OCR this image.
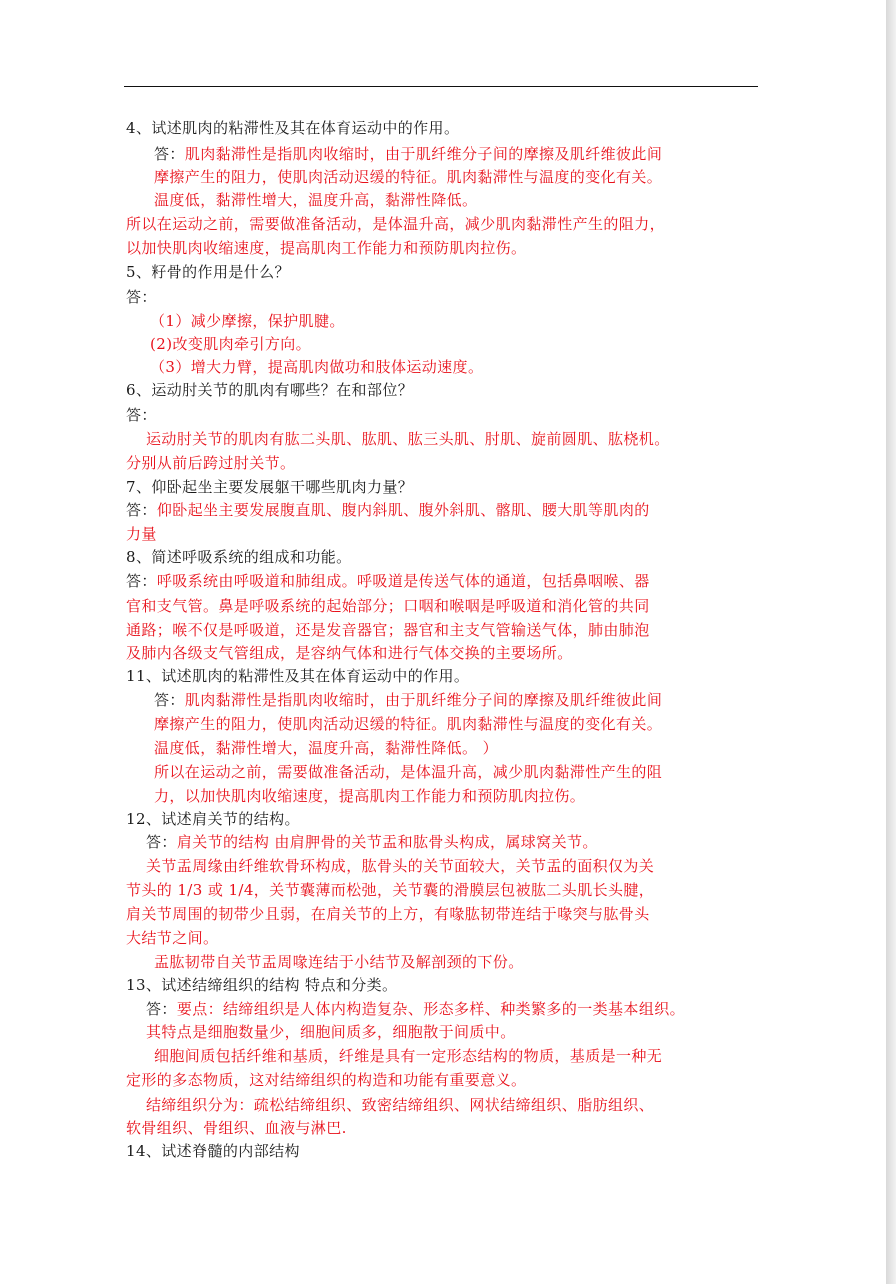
4、试述肌肉的粘滞性及其在体育运动中的作用。
答：肌肉黏滞性是指肌肉收缩时，由于肌纤维分子间的摩擦及肌纤维彼此间
摩擦产生的阻力，使肌肉活动迟缓的特征。肌肉黏滞性与温度的变化有关。
温度低，黏滞性增大，温度升高，黏滞性降低。
所以在运动之前，需要做准备活动，是体温升高，减少肌肉黏滞性产生的阻力，
以加快肌肉收缩速度，提高肌肉工作能力和预防肌肉拉伤。
5、籽骨的作用是什么？
答：
（1）减少摩擦，保护肌腱。
(2)改变肌肉牵引方向。
（3）增大力臂，提高肌肉做功和肢体运动速度。
6、运动肘关节的肌肉有哪些？在和部位？
答：
运动肘关节的肌肉有肱二头肌、肱肌、肱三头肌、肘肌、旋前圆肌、肱桡机。
分别从前后跨过肘关节。
7、仰卧起坐主要发展躯干哪些肌肉力量？
答：仰卧起坐主要发展腹直肌、腹内斜肌、腹外斜肌、髂肌、腰大肌等肌肉的
力量
8、简述呼吸系统的组成和功能。
答：呼吸系统由呼吸道和肺组成。呼吸道是传送气体的通道，包括鼻咽喉、器
官和支气管。鼻是呼吸系统的起始部分；口咽和喉咽是呼吸道和消化管的共同
通路；喉不仅是呼吸道，还是发音器官；器官和主支气管输送气体，肺由肺泡
及肺内各级支气管组成，是容纳气体和进行气体交换的主要场所。
11、试述肌肉的粘滞性及其在体育运动中的作用。
答：肌肉黏滞性是指肌肉收缩时，由于肌纤维分子间的摩擦及肌纤维彼此间
摩擦产生的阻力，使肌肉活动迟缓的特征。肌肉黏滞性与温度的变化有关。
温度低，黏滞性增大，温度升高，黏滞性降低。 ）
所以在运动之前，需要做准备活动，是体温升高，减少肌肉黏滞性产生的阻
力，以加快肌肉收缩速度，提高肌肉工作能力和预防肌肉拉伤。
12、试述肩关节的结构。
答：肩关节的结构 由肩胛骨的关节盂和肱骨头构成，属球窝关节。
关节盂周缘由纤维软骨环构成，肱骨头的关节面较大，关节盂的面积仅为关
节头的 1/3 或 1/4，关节囊薄而松弛，关节囊的滑膜层包被肱二头肌长头腱，
肩关节周围的韧带少且弱，在肩关节的上方，有喙肱韧带连结于喙突与肱骨头
大结节之间。
盂肱韧带自关节盂周喙连结于小结节及解剖颈的下份。
13、试述结缔组织的结构 特点和分类。
答：要点：结缔组织是人体内构造复杂、形态多样、种类繁多的一类基本组织。
其特点是细胞数量少，细胞间质多，细胞散于间质中。
细胞间质包括纤维和基质，纤维是具有一定形态结构的物质，基质是一种无
定形的多态物质，这对结缔组织的构造和功能有重要意义。
结缔组织分为：疏松结缔组织、致密结缔组织、网状结缔组织、脂肪组织、
软骨组织、骨组织、血液与淋巴.
14、试述脊髓的内部结构
